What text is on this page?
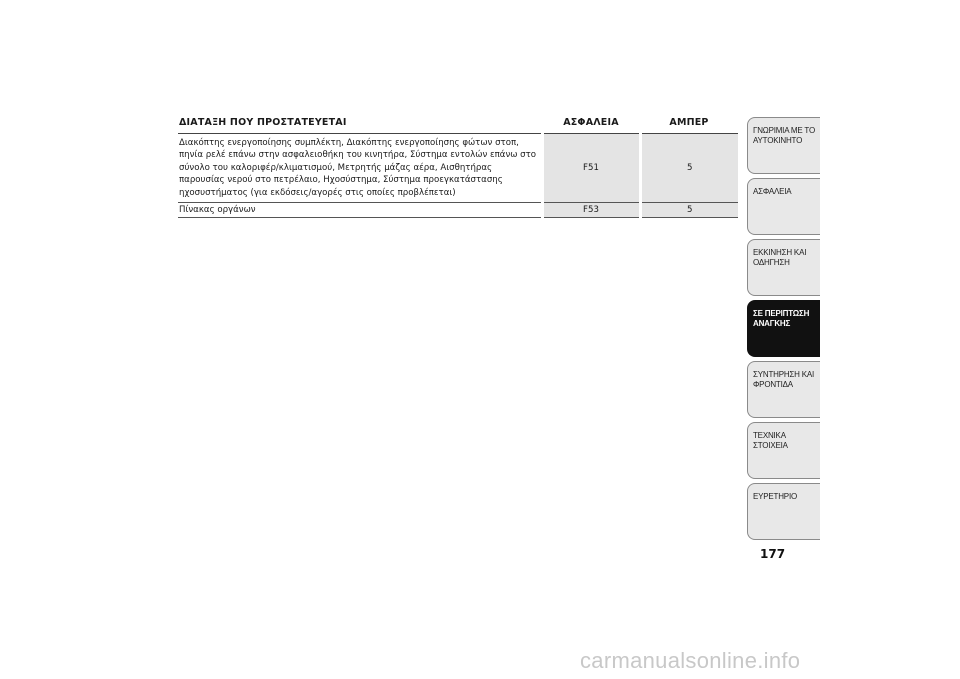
ΔΙΑΤΑΞΗ ΠΟΥ ΠΡΟΣΤΑΤΕΥΕΤΑΙ	ΑΣΦΑΛΕΙΑ	ΑΜΠΕΡ
Διακόπτης ενεργοποίησης συμπλέκτη, Διακόπτης ενεργοποίησης φώτων στοπ, πηνία ρελέ επάνω στην ασφαλειοθήκη του κινητήρα, Σύστημα εντολών επάνω στο σύνολο του καλοριφέρ/κλιματισμού, Μετρητής μάζας αέρα, Αισθητήρας παρουσίας νερού στο πετρέλαιο, Ηχοσύστημα, Σύστημα προεγκατάστασης ηχοσυστήματος (για εκδόσεις/αγορές στις οποίες προβλέπεται)	F51	5
Πίνακας οργάνων	F53	5
ΓΝΩΡΙΜΙΑ ΜΕ ΤΟ ΑΥΤΟΚΙΝΗΤΟ
ΑΣΦΑΛΕΙΑ
ΕΚΚΙΝΗΣΗ ΚΑΙ ΟΔΗΓΗΣΗ
ΣΕ ΠΕΡΙΠΤΩΣΗ ΑΝΑΓΚΗΣ
ΣΥΝΤΗΡΗΣΗ ΚΑΙ ΦΡΟΝΤΙΔΑ
ΤΕΧΝΙΚΑ ΣΤΟΙΧΕΙΑ
ΕΥΡΕΤΗΡΙΟ
177
carmanualsonline.info
